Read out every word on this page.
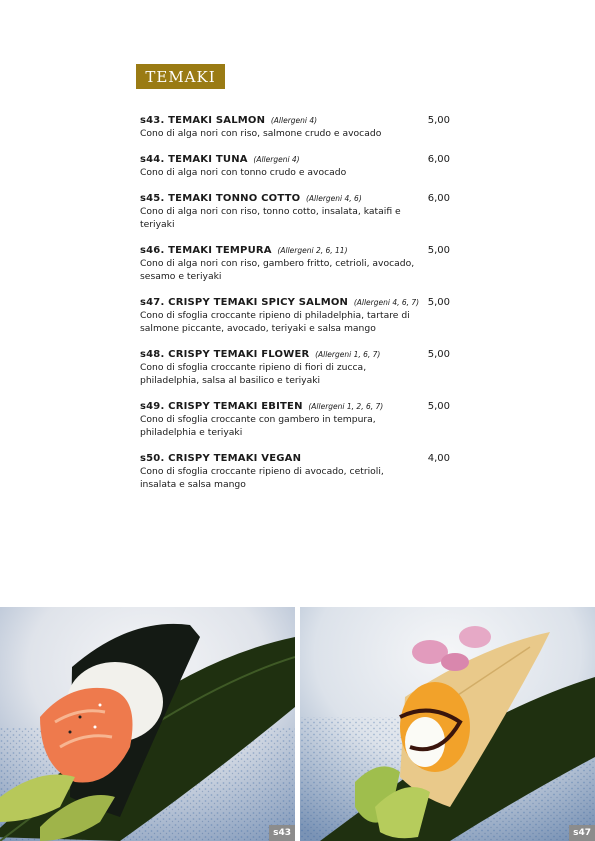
TEMAKI
s43. TEMAKI SALMON (Allergeni 4)	5,00
Cono di alga nori con riso, salmone crudo e avocado
s44. TEMAKI TUNA (Allergeni 4)	6,00
Cono di alga nori con tonno crudo e avocado
s45. TEMAKI TONNO COTTO (Allergeni 4, 6)	6,00
Cono di alga nori con riso, tonno cotto, insalata, kataifi e teriyaki
s46. TEMAKI TEMPURA (Allergeni 2, 6, 11)	5,00
Cono di alga nori con riso, gambero fritto, cetrioli, avocado, sesamo e teriyaki
s47. CRISPY TEMAKI SPICY SALMON (Allergeni 4, 6, 7) 5,00
Cono di sfoglia croccante ripieno di philadelphia, tartare di salmone piccante, avocado, teriyaki e salsa mango
s48. CRISPY TEMAKI FLOWER (Allergeni 1, 6, 7)	5,00
Cono di sfoglia croccante ripieno di fiori di zucca, philadelphia, salsa al basilico e teriyaki
s49. CRISPY TEMAKI EBITEN (Allergeni 1, 2, 6, 7)	5,00
Cono di sfoglia croccante con gambero in tempura, philadelphia e teriyaki
s50. CRISPY TEMAKI VEGAN	4,00
Cono di sfoglia croccante ripieno di avocado, cetrioli, insalata e salsa mango
s43	s47
